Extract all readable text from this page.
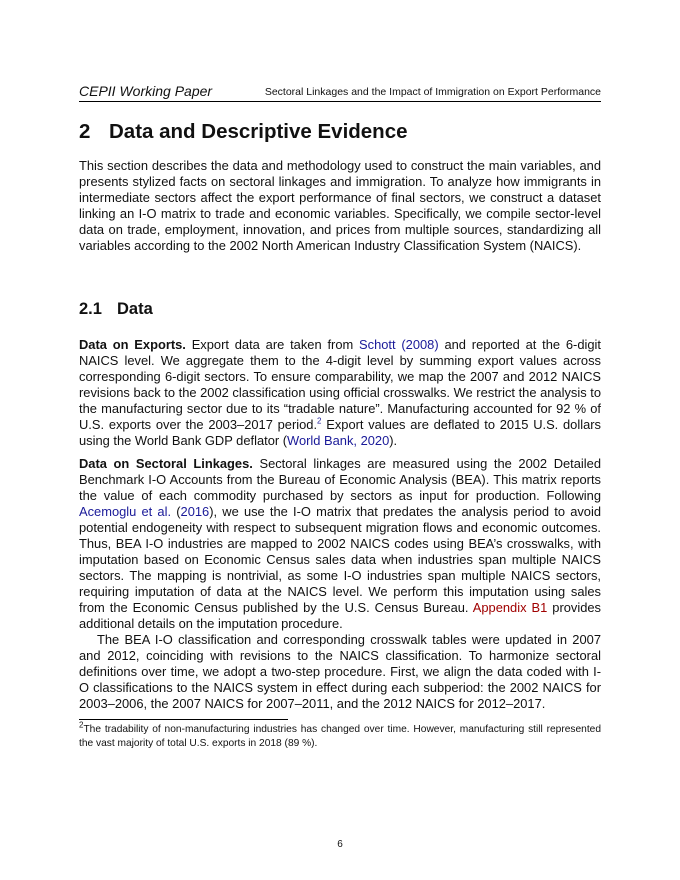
CEPII Working Paper	Sectoral Linkages and the Impact of Immigration on Export Performance
2 Data and Descriptive Evidence

This section describes the data and methodology used to construct the main variables, and presents stylized facts on sectoral linkages and immigration. To analyze how immigrants in intermediate sectors affect the export performance of final sectors, we construct a dataset linking an I-O matrix to trade and economic variables. Specifically, we compile sector-level data on trade, employment, innovation, and prices from multiple sources, standardizing all variables according to the 2002 North American Industry Classification System (NAICS).

2.1 Data

Data on Exports. Export data are taken from Schott (2008) and reported at the 6-digit NAICS level. We aggregate them to the 4-digit level by summing export values across corresponding 6-digit sectors. To ensure comparability, we map the 2007 and 2012 NAICS revisions back to the 2002 classification using official crosswalks. We restrict the analysis to the manufacturing sector due to its “tradable nature”. Manufacturing accounted for 92 % of U.S. exports over the 2003–2017 period.$^2$ Export values are deflated to 2015 U.S. dollars using the World Bank GDP deflator (World Bank, 2020).

Data on Sectoral Linkages. Sectoral linkages are measured using the 2002 Detailed Benchmark I-O Accounts from the Bureau of Economic Analysis (BEA). This matrix reports the value of each commodity purchased by sectors as input for production. Following Acemoglu et al. (2016), we use the I-O matrix that predates the analysis period to avoid potential endogeneity with respect to subsequent migration flows and economic outcomes. Thus, BEA I-O industries are mapped to 2002 NAICS codes using BEA’s crosswalks, with imputation based on Economic Census sales data when industries span multiple NAICS sectors. The mapping is nontrivial, as some I-O industries span multiple NAICS sectors, requiring imputation of data at the NAICS level. We perform this imputation using sales from the Economic Census published by the U.S. Census Bureau. Appendix B1 provides additional details on the imputation procedure.

The BEA I-O classification and corresponding crosswalk tables were updated in 2007 and 2012, coinciding with revisions to the NAICS classification. To harmonize sectoral definitions over time, we adopt a two-step procedure. First, we align the data coded with I-O classifications to the NAICS system in effect during each subperiod: the 2002 NAICS for 2003–2006, the 2007 NAICS for 2007–2011, and the 2012 NAICS for 2012–2017.

$^2$The tradability of non-manufacturing industries has changed over time. However, manufacturing still represented the vast majority of total U.S. exports in 2018 (89 %).

6
